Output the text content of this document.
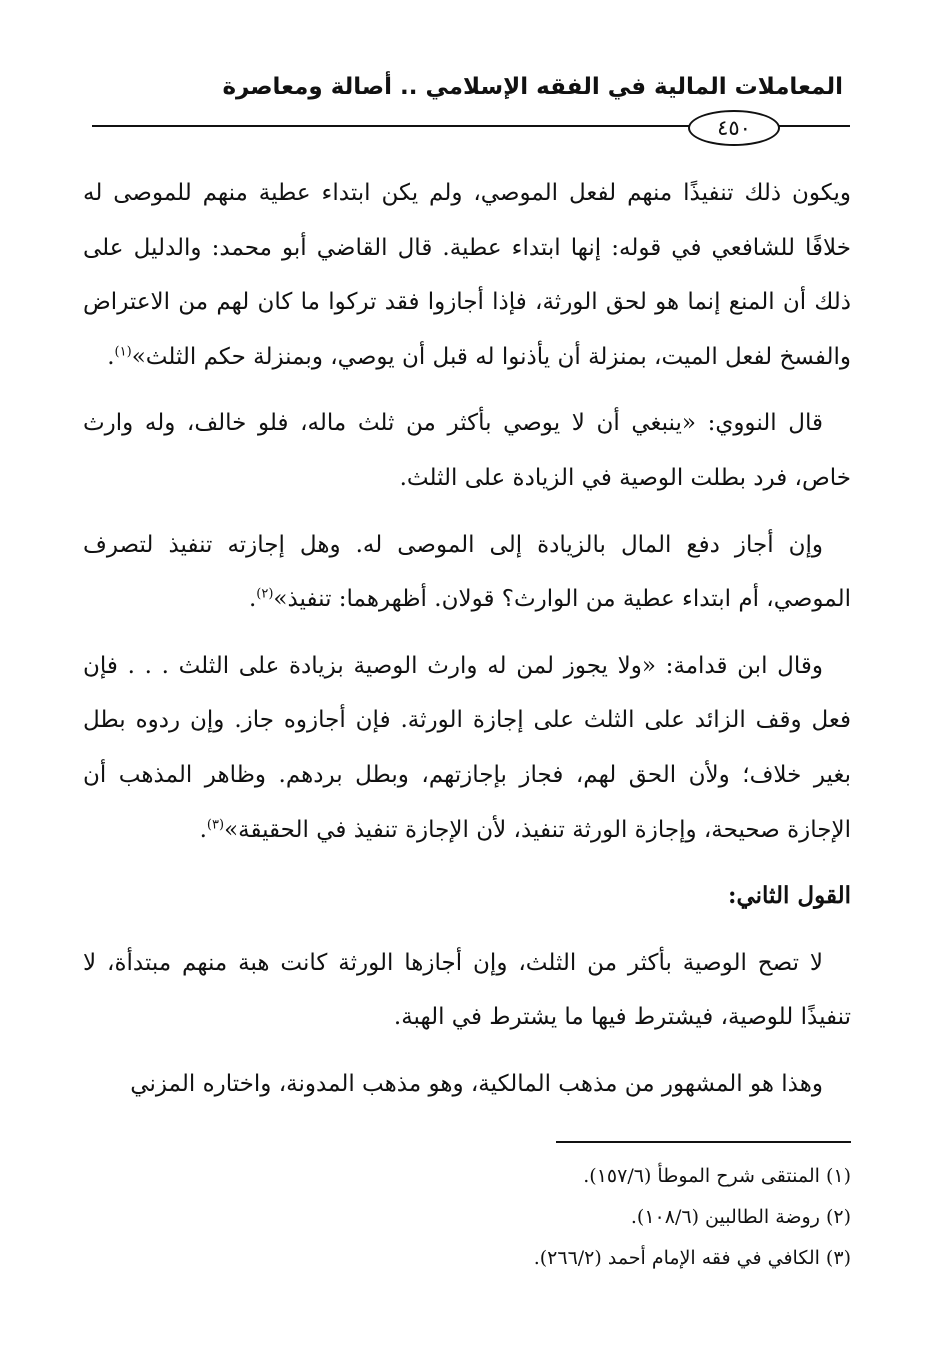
المعاملات المالية في الفقه الإسلامي .. أصالة ومعاصرة
٤٥٠

ويكون ذلك تنفيذًا منهم لفعل الموصي، ولم يكن ابتداء عطية منهم للموصى له خلافًا للشافعي في قوله: إنها ابتداء عطية. قال القاضي أبو محمد: والدليل على ذلك أن المنع إنما هو لحق الورثة، فإذا أجازوا فقد تركوا ما كان لهم من الاعتراض والفسخ لفعل الميت، بمنزلة أن يأذنوا له قبل أن يوصي، وبمنزلة حكم الثلث»$^{(١)}$.

قال النووي: «ينبغي أن لا يوصي بأكثر من ثلث ماله، فلو خالف، وله وارث خاص، فرد بطلت الوصية في الزيادة على الثلث.

وإن أجاز دفع المال بالزيادة إلى الموصى له. وهل إجازته تنفيذ لتصرف الموصي، أم ابتداء عطية من الوارث؟ قولان. أظهرهما: تنفيذ»$^{(٢)}$.

وقال ابن قدامة: «ولا يجوز لمن له وارث الوصية بزيادة على الثلث . . . فإن فعل وقف الزائد على الثلث على إجازة الورثة. فإن أجازوه جاز. وإن ردوه بطل بغير خلاف؛ ولأن الحق لهم، فجاز بإجازتهم، وبطل بردهم. وظاهر المذهب أن الإجازة صحيحة، وإجازة الورثة تنفيذ، لأن الإجازة تنفيذ في الحقيقة»$^{(٣)}$.

القول الثاني:

لا تصح الوصية بأكثر من الثلث، وإن أجازها الورثة كانت هبة منهم مبتدأة، لا تنفيذًا للوصية، فيشترط فيها ما يشترط في الهبة.

وهذا هو المشهور من مذهب المالكية، وهو مذهب المدونة، واختاره المزني

(١) المنتقى شرح الموطأ (١٥٧/٦).
(٢) روضة الطالبين (١٠٨/٦).
(٣) الكافي في فقه الإمام أحمد (٢٦٦/٢).
